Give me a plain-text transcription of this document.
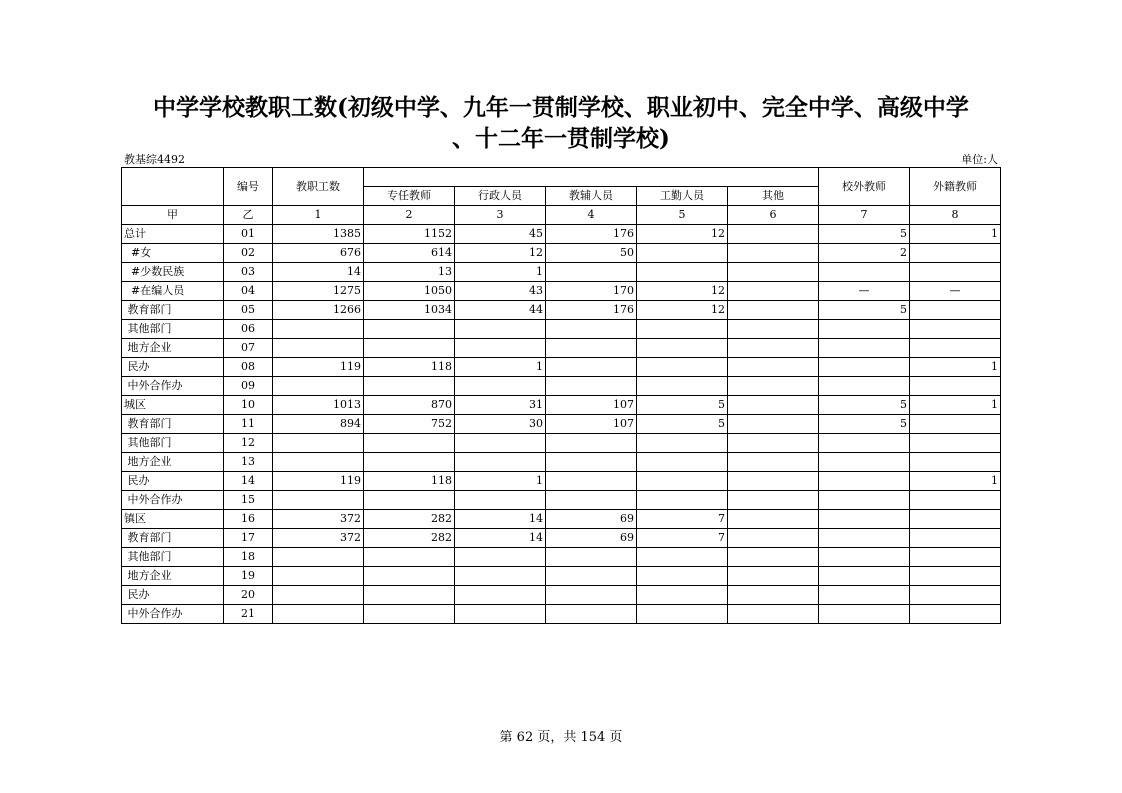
中学学校教职工数(初级中学、九年一贯制学校、职业初中、完全中学、高级中学
、十二年一贯制学校)
教基综4492	单位:人
	编号	教职工数						校外教师	外籍教师
			专任教师	行政人员	教辅人员	工勤人员	其他		
甲	乙	1	2	3	4	5	6	7	8
总计	01	1385	1152	45	176	12		5	1
#女	02	676	614	12	50			2	
#少数民族	03	14	13	1					
#在编人员	04	1275	1050	43	170	12		—	—
教育部门	05	1266	1034	44	176	12		5	
其他部门	06								
地方企业	07								
民办	08	119	118	1					1
中外合作办	09								
城区	10	1013	870	31	107	5		5	1
教育部门	11	894	752	30	107	5		5	
其他部门	12								
地方企业	13								
民办	14	119	118	1					1
中外合作办	15								
镇区	16	372	282	14	69	7			
教育部门	17	372	282	14	69	7			
其他部门	18								
地方企业	19								
民办	20								
中外合作办	21								
第 62 页，共 154 页
